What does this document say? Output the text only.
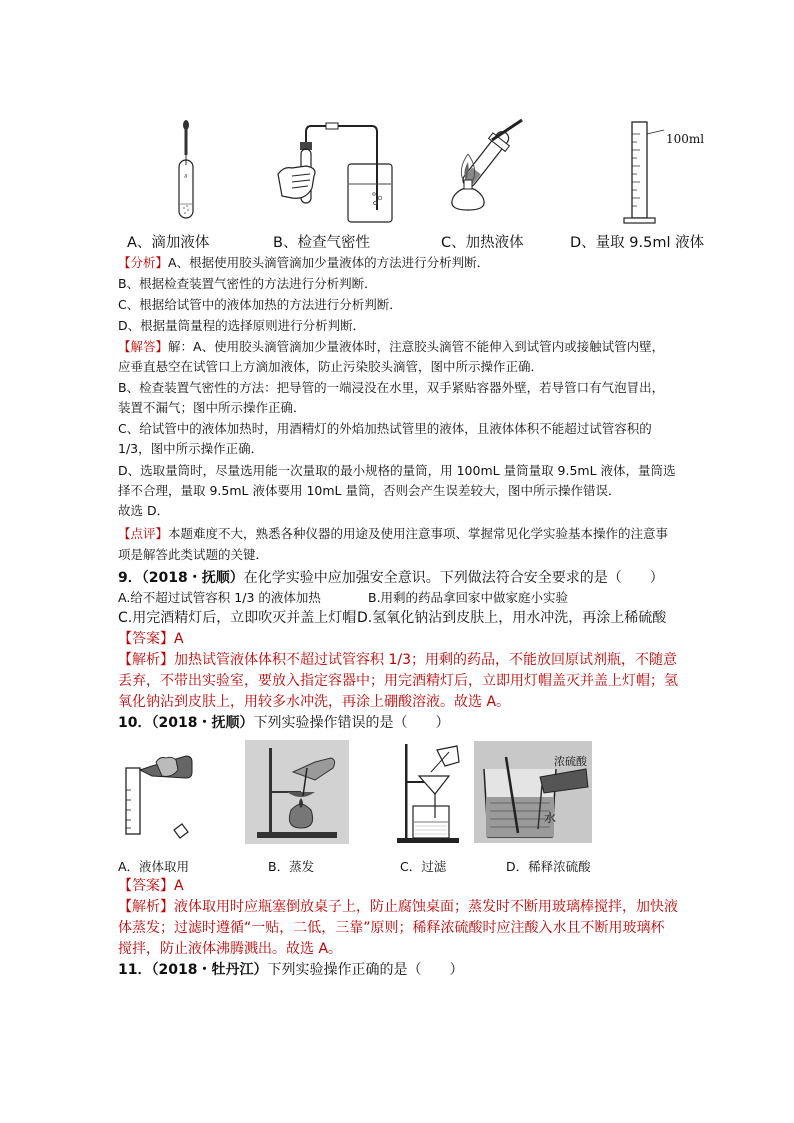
∂
100ml
A、滴加液体	B、检查气密性	C、加热液体	D、量取 9.5ml 液体
【分析】A、根据使用胶头滴管滴加少量液体的方法进行分析判断．
B、根据检查装置气密性的方法进行分析判断．
C、根据给试管中的液体加热的方法进行分析判断．
D、根据量筒量程的选择原则进行分析判断．
【解答】解：A、使用胶头滴管滴加少量液体时，注意胶头滴管不能伸入到试管内或接触试管内壁，
应垂直悬空在试管口上方滴加液体，防止污染胶头滴管，图中所示操作正确．
B、检查装置气密性的方法：把导管的一端浸没在水里，双手紧贴容器外壁，若导管口有气泡冒出，
装置不漏气；图中所示操作正确．
C、给试管中的液体加热时，用酒精灯的外焰加热试管里的液体，且液体体积不能超过试管容积的
1/3，图中所示操作正确．
D、选取量筒时，尽量选用能一次量取的最小规格的量筒，用 100mL 量筒量取 9.5mL 液体，量筒选
择不合理，量取 9.5mL 液体要用 10mL 量筒，否则会产生误差较大，图中所示操作错误．
故选 D．
【点评】本题难度不大，熟悉各种仪器的用途及使用注意事项、掌握常见化学实验基本操作的注意事
项是解答此类试题的关键．
9．（2018・抚顺）在化学实验中应加强安全意识。下列做法符合安全要求的是（　　）
A.给不超过试管容积 1/3 的液体加热	B.用剩的药品拿回家中做家庭小实验
C.用完酒精灯后，立即吹灭并盖上灯帽 D.氢氧化钠沾到皮肤上，用水冲洗，再涂上稀硫酸
【答案】A
【解析】加热试管液体体积不超过试管容积 1/3；用剩的药品，不能放回原试剂瓶，不随意
丢弃，不带出实验室，要放入指定容器中；用完酒精灯后，立即用灯帽盖灭并盖上灯帽；氢
氧化钠沾到皮肤上，用较多水冲洗，再涂上硼酸溶液。故选 A。
10．（2018・抚顺）下列实验操作错误的是（　　）
浓硫酸
水
A．液体取用	B．蒸发	C．过滤	D．稀释浓硫酸
【答案】A
【解析】液体取用时应瓶塞倒放桌子上，防止腐蚀桌面；蒸发时不断用玻璃棒搅拌，加快液
体蒸发；过滤时遵循“一贴，二低，三靠”原则；稀释浓硫酸时应注酸入水且不断用玻璃杯
搅拌，防止液体沸腾溅出。故选 A。
11．（2018・牡丹江）下列实验操作正确的是（　　）
